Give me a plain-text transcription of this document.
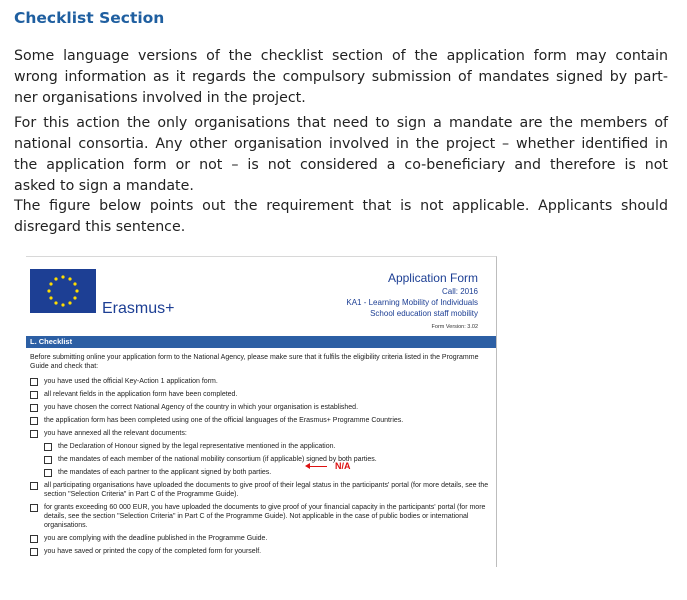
Checklist Section

Some language versions of the checklist section of the application form may contain
wrong information as it regards the compulsory submission of mandates signed by part-
ner organisations involved in the project.

For this action the only organisations that need to sign a mandate are the members of
national consortia. Any other organisation involved in the project – whether identified in
the application form or not – is not considered a co-beneficiary and therefore is not
asked to sign a mandate.

The figure below points out the requirement that is not applicable. Applicants should
disregard this sentence.

Erasmus+
Application Form
Call: 2016
KA1 - Learning Mobility of Individuals
School education staff mobility
Form Version: 3.02
L. Checklist
Before submitting online your application form to the National Agency, please make sure that it fulfils the eligibility criteria listed in the Programme Guide and check that:
you have used the official Key-Action 1 application form.
all relevant fields in the application form have been completed.
you have chosen the correct National Agency of the country in which your organisation is established.
the application form has been completed using one of the official languages of the Erasmus+ Programme Countries.
you have annexed all the relevant documents:
the Declaration of Honour signed by the legal representative mentioned in the application.
the mandates of each member of the national mobility consortium (if applicable) signed by both parties.
the mandates of each partner to the applicant signed by both parties.
all participating organisations have uploaded the documents to give proof of their legal status in the participants' portal (for more details, see the section "Selection Criteria" in Part C of the Programme Guide).
for grants exceeding 60 000 EUR, you have uploaded the documents to give proof of your financial capacity in the participants' portal (for more details, see the section "Selection Criteria" in Part C of the Programme Guide). Not applicable in the case of public bodies or international organisations.
you are complying with the deadline published in the Programme Guide.
you have saved or printed the copy of the completed form for yourself.
N/A
